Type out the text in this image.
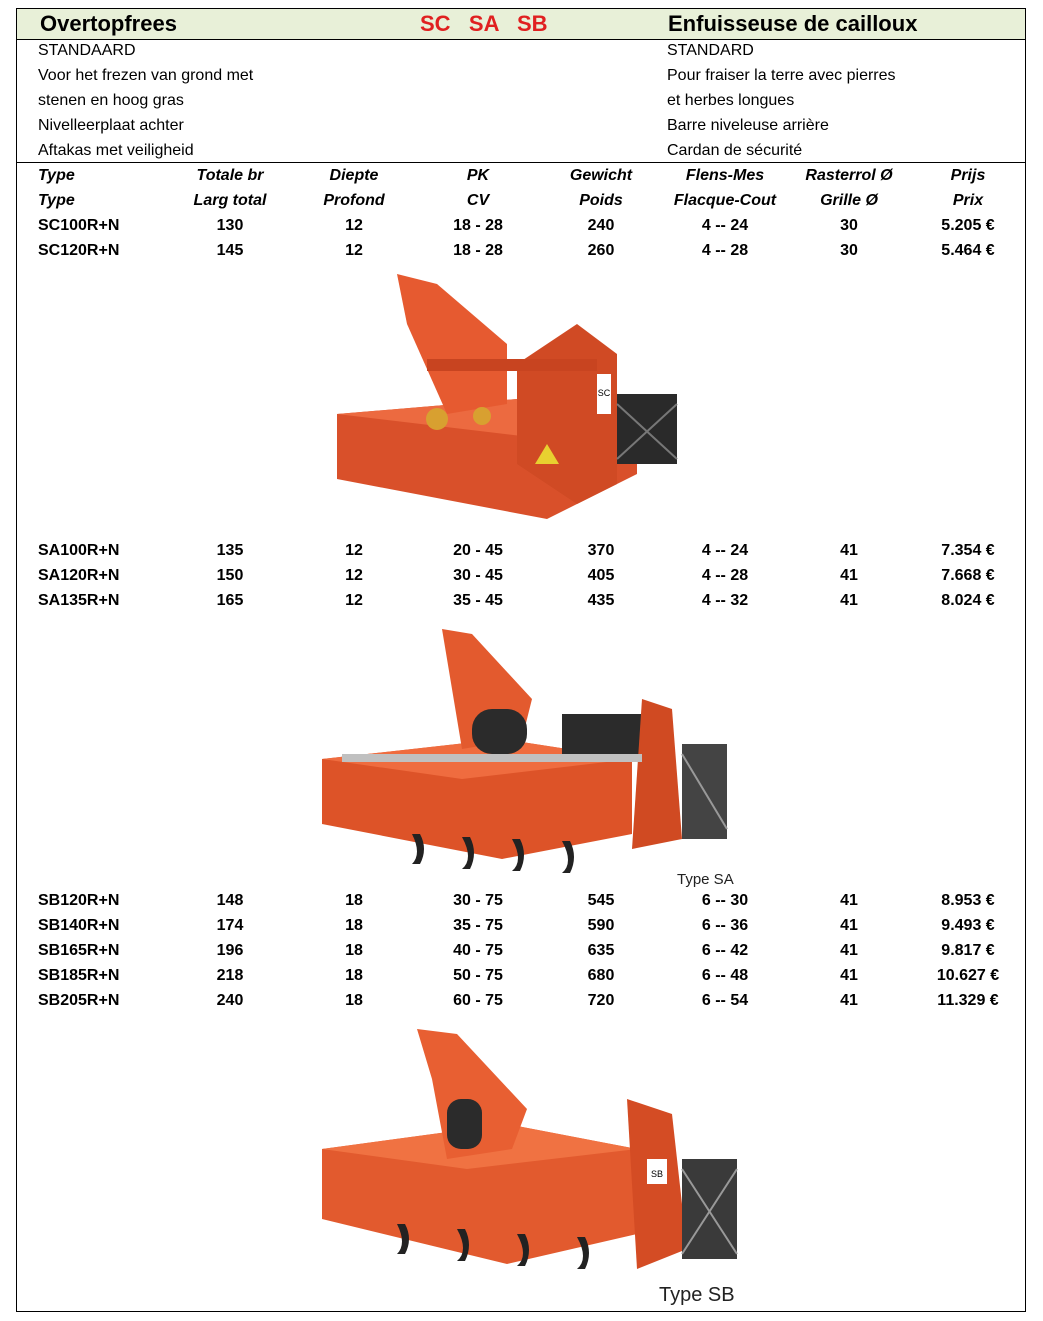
Overtopfrees	SC   SA   SB	Enfuisseuse de cailloux
STANDAARD
Voor het frezen van grond met
stenen en hoog gras
Nivelleerplaat achter
Aftakas met veiligheid
STANDARD
Pour fraiser la terre avec pierres
et herbes longues
Barre niveleuse arrière
Cardan de sécurité
Type	Totale br	Diepte	PK	Gewicht	Flens-Mes	Rasterrol Ø	Prijs
Type	Larg total	Profond	CV	Poids	Flacque-Cout	Grille Ø	Prix
SC100R+N	130	12	18 - 28	240	4 -- 24	30	5.205 €
SC120R+N	145	12	18 - 28	260	4 -- 28	30	5.464 €
SA100R+N	135	12	20 - 45	370	4 -- 24	41	7.354 €
SA120R+N	150	12	30 - 45	405	4 -- 28	41	7.668 €
SA135R+N	165	12	35 - 45	435	4 -- 32	41	8.024 €
SB120R+N	148	18	30 - 75	545	6 -- 30	41	8.953 €
SB140R+N	174	18	35 - 75	590	6 -- 36	41	9.493 €
SB165R+N	196	18	40 - 75	635	6 -- 42	41	9.817 €
SB185R+N	218	18	50 - 75	680	6 -- 48	41	10.627 €
SB205R+N	240	18	60 - 75	720	6 -- 54	41	11.329 €
SC
Type SA
SB
Type SB
